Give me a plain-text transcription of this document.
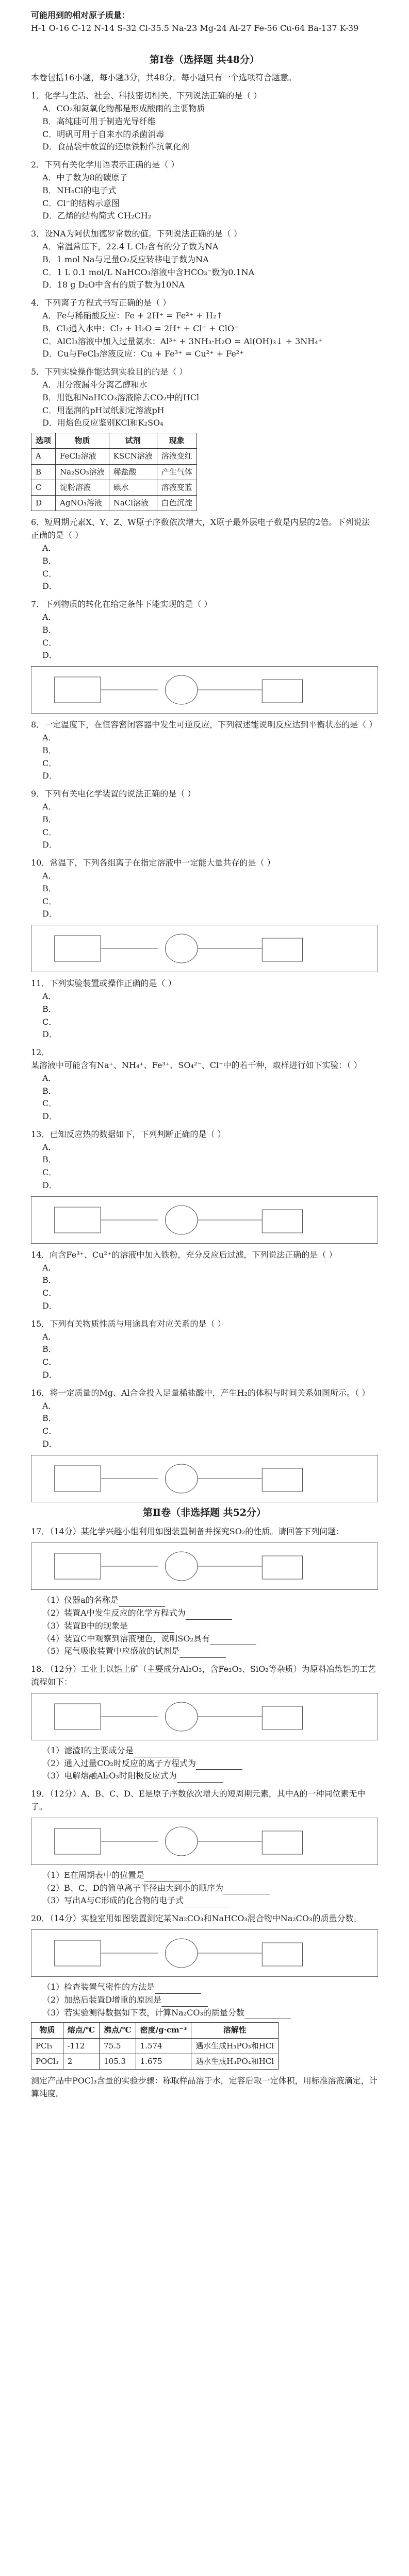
可能用到的相对原子质量：
H-1 O-16 C-12 N-14 S-32 Cl-35.5 Na-23 Mg-24 Al-27 Fe-56 Cu-64 Ba-137 K-39
第Ⅰ卷（选择题 共48分）
本卷包括16小题，每小题3分，共48分。每小题只有一个选项符合题意。
1．化学与生活、社会、科技密切相关。下列说法正确的是（ ）
A．CO₂和氮氧化物都是形成酸雨的主要物质
B．高纯硅可用于制造光导纤维
C．明矾可用于自来水的杀菌消毒
D．食品袋中放置的还原铁粉作抗氧化剂
2．下列有关化学用语表示正确的是（ ）
A．中子数为8的碳原子
B．NH₄Cl的电子式
C．Cl⁻的结构示意图
D．乙烯的结构简式 CH₂CH₂
3．设NA为阿伏加德罗常数的值。下列说法正确的是（ ）
A．常温常压下，22.4 L Cl₂含有的分子数为NA
B．1 mol Na与足量O₂反应转移电子数为NA
C．1 L 0.1 mol/L NaHCO₃溶液中含HCO₃⁻数为0.1NA
D．18 g D₂O中含有的质子数为10NA
4．下列离子方程式书写正确的是（ ）
A．Fe与稀硝酸反应：Fe + 2H⁺ = Fe²⁺ + H₂↑
B．Cl₂通入水中：Cl₂ + H₂O = 2H⁺ + Cl⁻ + ClO⁻
C．AlCl₃溶液中加入过量氨水：Al³⁺ + 3NH₃·H₂O = Al(OH)₃↓ + 3NH₄⁺
D．Cu与FeCl₃溶液反应：Cu + Fe³⁺ = Cu²⁺ + Fe²⁺
5．下列实验操作能达到实验目的的是（ ）
A．用分液漏斗分离乙醇和水
B．用饱和NaHCO₃溶液除去CO₂中的HCl
C．用湿润的pH试纸测定溶液pH
D．用焰色反应鉴别KCl和K₂SO₄
选项	物质	试剂	现象
A	FeCl₂溶液	KSCN溶液	溶液变红
B	Na₂SO₃溶液	稀盐酸	产生气体
C	淀粉溶液	碘水	溶液变蓝
D	AgNO₃溶液	NaCl溶液	白色沉淀
6．短周期元素X、Y、Z、W原子序数依次增大，X原子最外层电子数是内层的2倍。下列说法正确的是（ ）
A．
B．
C．
D．
7．下列物质的转化在给定条件下能实现的是（ ）
A．
B．
C．
D．
8．一定温度下，在恒容密闭容器中发生可逆反应，下列叙述能说明反应达到平衡状态的是（ ）
A．
B．
C．
D．
9．下列有关电化学装置的说法正确的是（ ）
A．
B．
C．
D．
10．常温下，下列各组离子在指定溶液中一定能大量共存的是（ ）
A．
B．
C．
D．
11．下列实验装置或操作正确的是（ ）
A．
B．
C．
D．
12．某溶液中可能含有Na⁺、NH₄⁺、Fe³⁺、SO₄²⁻、Cl⁻中的若干种，取样进行如下实验：（ ）
A．
B．
C．
D．
13．已知反应热的数据如下，下列判断正确的是（ ）
A．
B．
C．
D．
14．向含Fe³⁺、Cu²⁺的溶液中加入铁粉，充分反应后过滤，下列说法正确的是（ ）
A．
B．
C．
D．
15．下列有关物质性质与用途具有对应关系的是（ ）
A．
B．
C．
D．
16．将一定质量的Mg、Al合金投入足量稀盐酸中，产生H₂的体积与时间关系如图所示。（ ）
A．
B．
C．
D．
第Ⅱ卷（非选择题 共52分）
17．（14分）某化学兴趣小组利用如图装置制备并探究SO₂的性质。请回答下列问题：
（1）仪器a的名称是
（2）装置A中发生反应的化学方程式为
（3）装置B中的现象是
（4）装置C中观察到溶液褪色，说明SO₂具有
（5）尾气吸收装置中应盛放的试剂是
18．（12分）工业上以铝土矿（主要成分Al₂O₃，含Fe₂O₃、SiO₂等杂质）为原料冶炼铝的工艺流程如下：
（1）滤渣Ⅰ的主要成分是
（2）通入过量CO₂时反应的离子方程式为
（3）电解熔融Al₂O₃时阳极反应式为
19．（12分）A、B、C、D、E是原子序数依次增大的短周期元素，其中A的一种同位素无中子。
（1）E在周期表中的位置是
（2）B、C、D的简单离子半径由大到小的顺序为
（3）写出A与C形成的化合物的电子式
20．（14分）实验室用如图装置测定某Na₂CO₃和NaHCO₃混合物中Na₂CO₃的质量分数。
（1）检查装置气密性的方法是
（2）加热后装置D增重的原因是
（3）若实验测得数据如下表，计算Na₂CO₃的质量分数
物质	熔点/℃	沸点/℃	密度/g·cm⁻³	溶解性
PCl₃	-112	75.5	1.574	遇水生成H₃PO₃和HCl
POCl₃	2	105.3	1.675	遇水生成H₃PO₄和HCl
测定产品中POCl₃含量的实验步骤：称取样品溶于水，定容后取一定体积，用标准溶液滴定，计算纯度。
